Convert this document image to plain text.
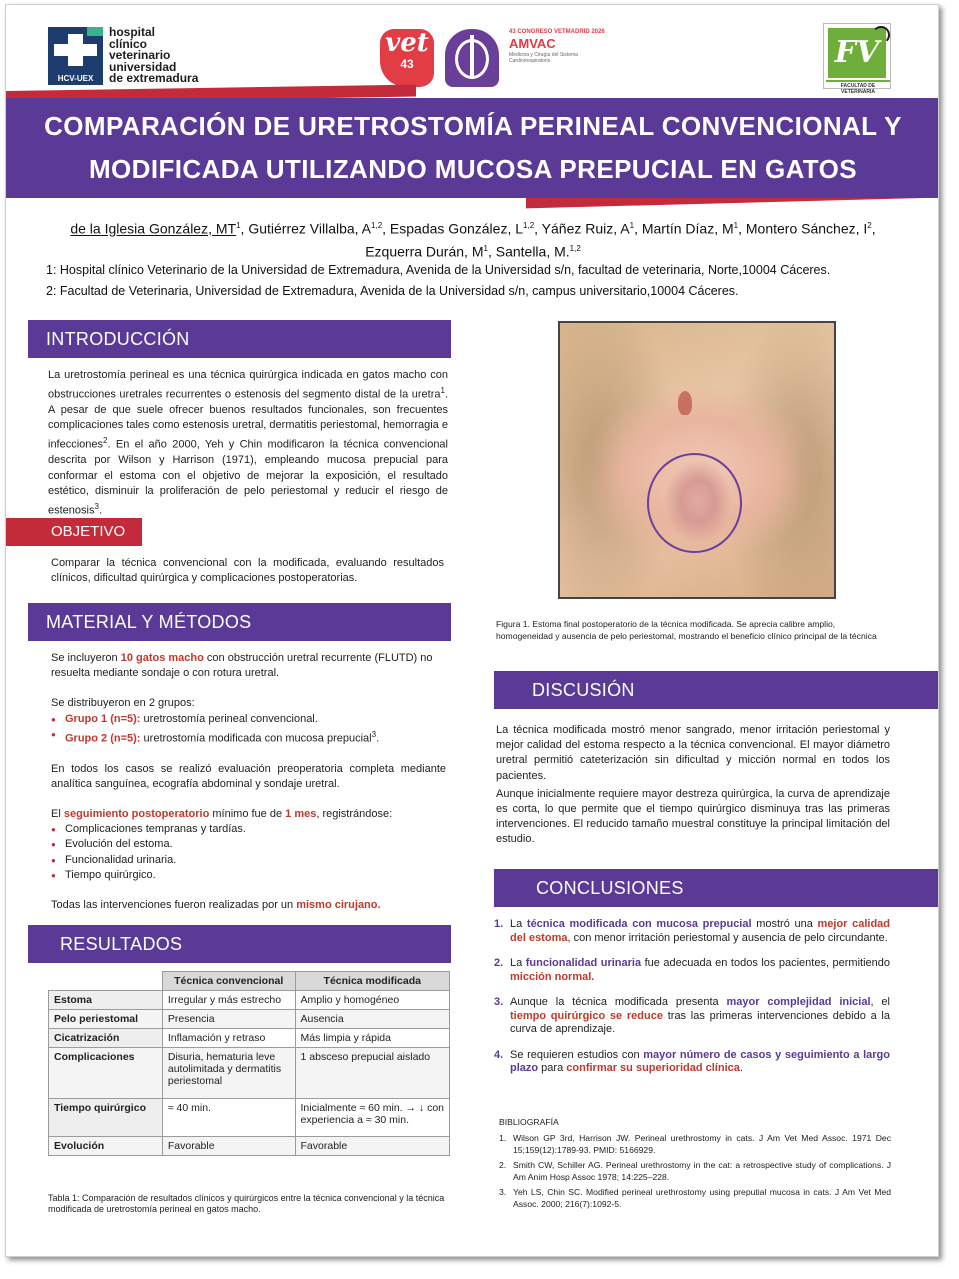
HCV-UEX
hospital
clínico
veterinario
universidad
de extremadura
vet
43
43 CONGRESO VETMADRID 2026
AMVAC
Medicina y Cirugía del Sistema Cardiorrespiratorio	FV
FACULTAD DE VETERINARIA
COMPARACIÓN DE URETROSTOMÍA PERINEAL CONVENCIONAL Y
MODIFICADA UTILIZANDO MUCOSA PREPUCIAL EN GATOS
de la Iglesia González, $MT^1$, Gutiérrez Villalba, A$^{1,2}$, Espadas González, L$^{1,2}$, Yáñez Ruiz, $A^1$, Martín Díaz, $M^1$, Montero Sánchez, $I^2$,
Ezquerra Durán, $M^1$, Santella, M.$^{1,2}$
1: Hospital clínico Veterinario de la Universidad de Extremadura, Avenida de la Universidad s/n, facultad de veterinaria, Norte,10004 Cáceres.
2: Facultad de Veterinaria, Universidad de Extremadura, Avenida de la Universidad s/n, campus universitario,10004 Cáceres.
INTRODUCCIÓN
La uretrostomía perineal es una técnica quirúrgica indicada en gatos macho con obstrucciones uretrales recurrentes o estenosis del segmento distal de la uretra$^1$. A pesar de que suele ofrecer buenos resultados funcionales, son frecuentes complicaciones tales como estenosis uretral, dermatitis periestomal, hemorragia e infecciones$^2$. En el año 2000, Yeh y Chin modificaron la técnica convencional descrita por Wilson y Harrison (1971), empleando mucosa prepucial para conformar el estoma con el objetivo de mejorar la exposición, el resultado estético, disminuir la proliferación de pelo periestomal y reducir el riesgo de estenosis$^3$.
OBJETIVO
Comparar la técnica convencional con la modificada, evaluando resultados clínicos, dificultad quirúrgica y complicaciones postoperatorias.
MATERIAL Y MÉTODOS

Se incluyeron 10 gatos macho con obstrucción uretral recurrente (FLUTD) no resuelta mediante sondaje o con rotura uretral.

Se distribuyeron en 2 grupos:

● Grupo 1 (n=5): uretrostomía perineal convencional.
● Grupo 2 (n=5): uretrostomía modificada con mucosa prepucial$^3$.

En todos los casos se realizó evaluación preoperatoria completa mediante analítica sanguínea, ecografía abdominal y sondaje uretral.

El seguimiento postoperatorio mínimo fue de 1 mes, registrándose:

● Complicaciones tempranas y tardías.
● Evolución del estoma.
● Funcionalidad urinaria.
● Tiempo quirúrgico.

Todas las intervenciones fueron realizadas por un mismo cirujano.

RESULTADOS
	Técnica convencional	Técnica modificada
Estoma	Irregular y más estrecho	Amplio y homogéneo
Pelo periestomal	Presencia	Ausencia
Cicatrización	Inflamación y retraso	Más limpia y rápida
Complicaciones	Disuria, hematuria leve autolimitada y dermatitis periestomal	1 absceso prepucial aislado
Tiempo quirúrgico	≈ 40 min.	Inicialmente ≈ 60 min. → ↓ con experiencia a ≈ 30 min.
Evolución	Favorable	Favorable
Tabla 1: Comparación de resultados clínicos y quirúrgicos entre la técnica convencional y la técnica modificada de uretrostomía perineal en gatos macho.
Figura 1. Estoma final postoperatorio de la técnica modificada. Se aprecia calibre amplio, homogeneidad y ausencia de pelo periestomal, mostrando el beneficio clínico principal de la técnica
DISCUSIÓN

La técnica modificada mostró menor sangrado, menor irritación periestomal y mejor calidad del estoma respecto a la técnica convencional. El mayor diámetro uretral permitió cateterización sin dificultad y micción normal en todos los pacientes.

Aunque inicialmente requiere mayor destreza quirúrgica, la curva de aprendizaje es corta, lo que permite que el tiempo quirúrgico disminuya tras las primeras intervenciones. El reducido tamaño muestral constituye la principal limitación del estudio.

CONCLUSIONES
1. La técnica modificada con mucosa prepucial mostró una mejor calidad del estoma, con menor irritación periestomal y ausencia de pelo circundante.
2. La funcionalidad urinaria fue adecuada en todos los pacientes, permitiendo micción normal.
3. Aunque la técnica modificada presenta mayor complejidad inicial, el tiempo quirúrgico se reduce tras las primeras intervenciones debido a la curva de aprendizaje.
4. Se requieren estudios con mayor número de casos y seguimiento a largo plazo para confirmar su superioridad clínica.
BIBLIOGRAFÍA
1. Wilson GP 3rd, Harrison JW. Perineal urethrostomy in cats. J Am Vet Med Assoc. 1971 Dec 15;159(12):1789-93. PMID: 5166929.
2. Smith CW, Schiller AG. Perineal urethrostomy in the cat: a retrospective study of complications. J Am Anim Hosp Assoc 1978; 14:225–228.
3. Yeh LS, Chin SC. Modified perineal urethrostomy using preputial mucosa in cats. J Am Vet Med Assoc. 2000; 216(7):1092-5.
